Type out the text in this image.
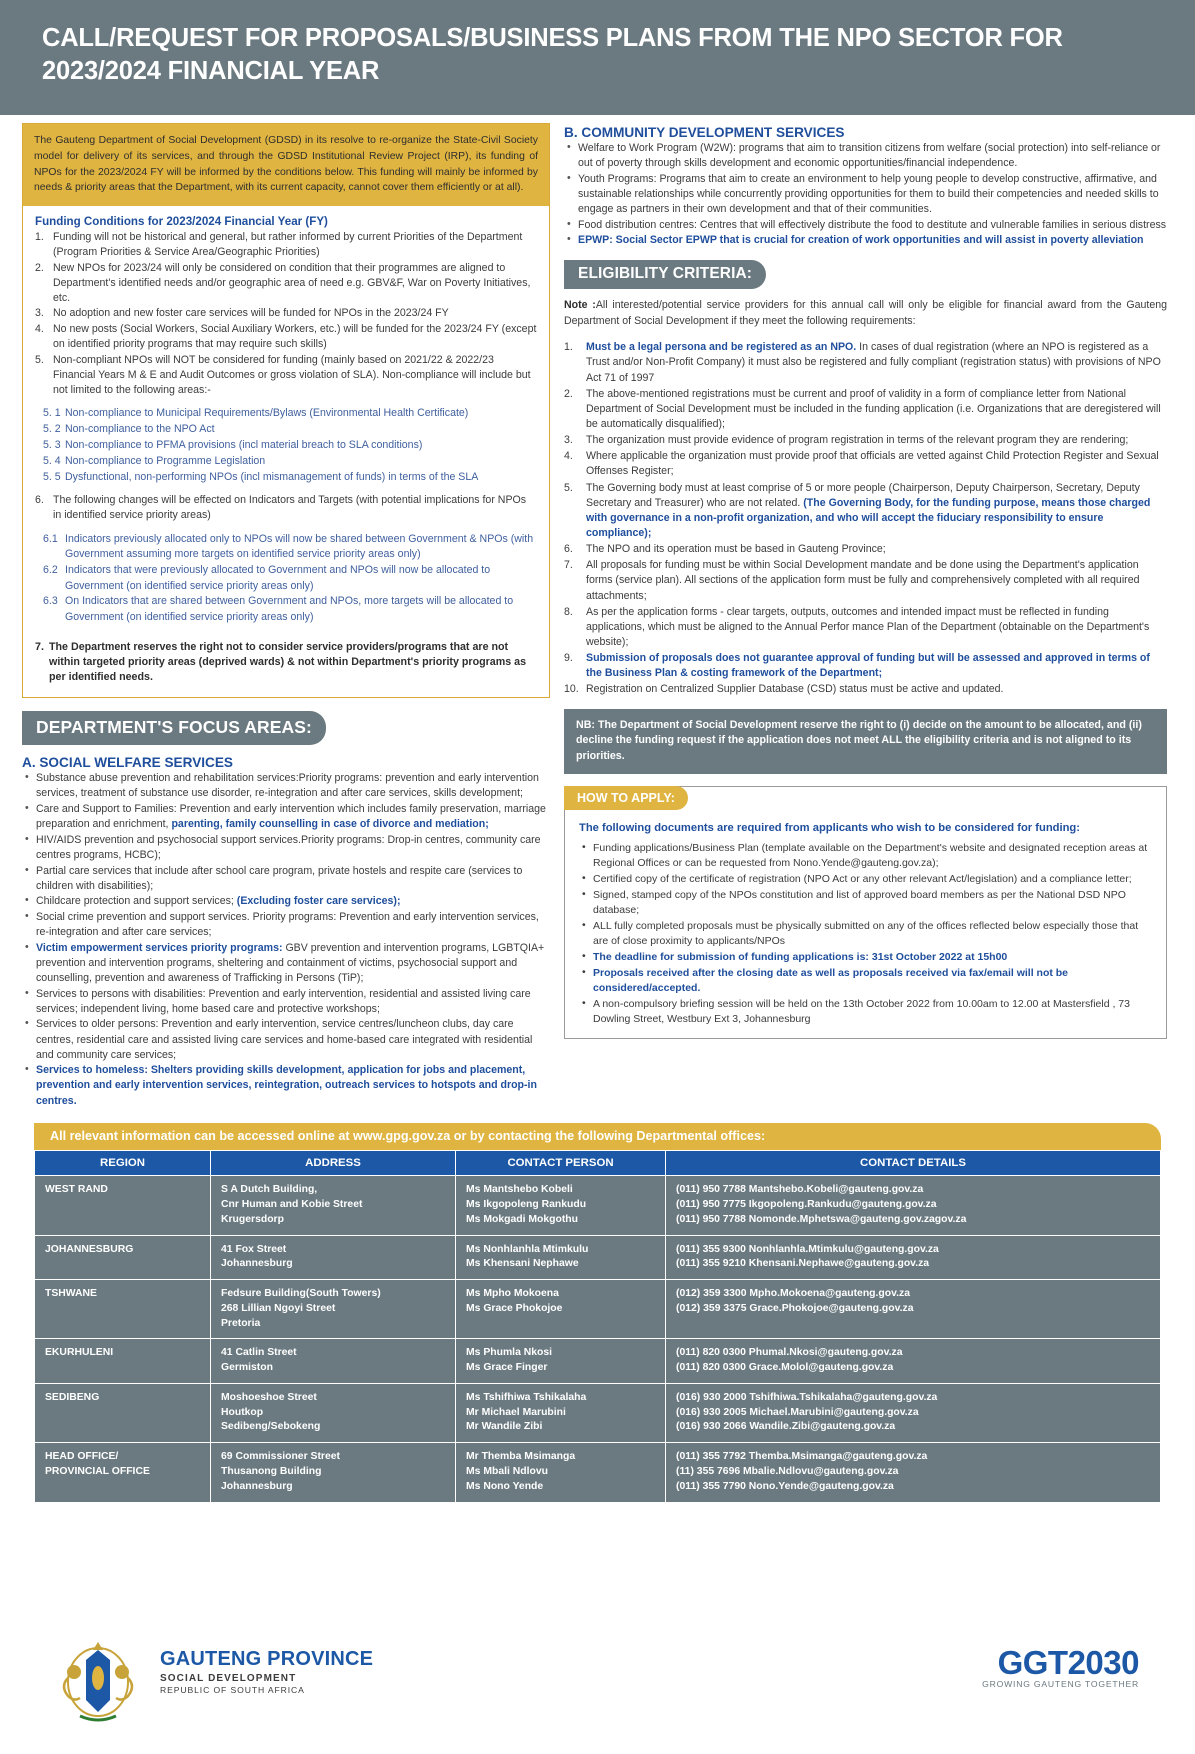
CALL/REQUEST FOR PROPOSALS/BUSINESS PLANS FROM THE NPO SECTOR FOR 2023/2024 FINANCIAL YEAR
The Gauteng Department of Social Development (GDSD) in its resolve to re-organize the State-Civil Society model for delivery of its services, and through the GDSD Institutional Review Project (IRP), its funding of NPOs for the 2023/2024 FY will be informed by the conditions below. This funding will mainly be informed by needs & priority areas that the Department, with its current capacity, cannot cover them efficiently or at all).
Funding Conditions for 2023/2024 Financial Year (FY)
1. Funding will not be historical and general, but rather informed by current Priorities of the Department (Program Priorities & Service Area/Geographic Priorities)
2. New NPOs for 2023/24 will only be considered on condition that their programmes are aligned to Department's identified needs and/or geographic area of need e.g. GBV&F, War on Poverty Initiatives, etc.
3. No adoption and new foster care services will be funded for NPOs in the 2023/24 FY
4. No new posts (Social Workers, Social Auxiliary Workers, etc.) will be funded for the 2023/24 FY (except on identified priority programs that may require such skills)
5. Non-compliant NPOs will NOT be considered for funding (mainly based on 2021/22 & 2022/23 Financial Years M & E and Audit Outcomes or gross violation of SLA). Non-compliance will include but not limited to the following areas:-
5. 1 Non-compliance to Municipal Requirements/Bylaws (Environmental Health Certificate)
5. 2 Non-compliance to the NPO Act
5. 3 Non-compliance to PFMA provisions (incl material breach to SLA conditions)
5. 4 Non-compliance to Programme Legislation
5. 5 Dysfunctional, non-performing NPOs (incl mismanagement of funds) in terms of the SLA
6. The following changes will be effected on Indicators and Targets (with potential implications for NPOs in identified service priority areas)
6.1 Indicators previously allocated only to NPOs will now be shared between Government & NPOs (with Government assuming more targets on identified service priority areas only)
6.2 Indicators that were previously allocated to Government and NPOs will now be allocated to Government (on identified service priority areas only)
6.3 On Indicators that are shared between Government and NPOs, more targets will be allocated to Government (on identified service priority areas only)
7. The Department reserves the right not to consider service providers/programs that are not within targeted priority areas (deprived wards) & not within Department's priority programs as per identified needs.
DEPARTMENT'S FOCUS AREAS:
A. SOCIAL WELFARE SERVICES
• Substance abuse prevention and rehabilitation services:Priority programs: prevention and early intervention services, treatment of substance use disorder, re-integration and after care services, skills development;
• Care and Support to Families: Prevention and early intervention which includes family preservation, marriage preparation and enrichment, parenting, family counselling in case of divorce and mediation;
• HIV/AIDS prevention and psychosocial support services.Priority programs: Drop-in centres, community care centres programs, HCBC);
• Partial care services that include after school care program, private hostels and respite care (services to children with disabilities);
• Childcare protection and support services; (Excluding foster care services);
• Social crime prevention and support services. Priority programs: Prevention and early intervention services, re-integration and after care services;
• Victim empowerment services priority programs: GBV prevention and intervention programs, LGBTQIA+ prevention and intervention programs, sheltering and containment of victims, psychosocial support and counselling, prevention and awareness of Trafficking in Persons (TiP);
• Services to persons with disabilities: Prevention and early intervention, residential and assisted living care services; independent living, home based care and protective workshops;
• Services to older persons: Prevention and early intervention, service centres/luncheon clubs, day care centres, residential care and assisted living care services and home-based care integrated with residential and community care services;
• Services to homeless: Shelters providing skills development, application for jobs and placement, prevention and early intervention services, reintegration, outreach services to hotspots and drop-in centres.
B. COMMUNITY DEVELOPMENT SERVICES
• Welfare to Work Program (W2W): programs that aim to transition citizens from welfare (social protection) into self-reliance or out of poverty through skills development and economic opportunities/financial independence.
• Youth Programs: Programs that aim to create an environment to help young people to develop constructive, affirmative, and sustainable relationships while concurrently providing opportunities for them to build their competencies and needed skills to engage as partners in their own development and that of their communities.
• Food distribution centres: Centres that will effectively distribute the food to destitute and vulnerable families in serious distress
• EPWP: Social Sector EPWP that is crucial for creation of work opportunities and will assist in poverty alleviation
ELIGIBILITY CRITERIA:
Note :All interested/potential service providers for this annual call will only be eligible for financial award from the Gauteng Department of Social Development if they meet the following requirements:
1.	Must be a legal persona and be registered as an NPO. In cases of dual registration (where an NPO is registered as a Trust and/or Non-Profit Company) it must also be registered and fully compliant (registration status) with provisions of NPO Act 71 of 1997
2.	The above-mentioned registrations must be current and proof of validity in a form of compliance letter from National Department of Social Development must be included in the funding application (i.e. Organizations that are deregistered will be automatically disqualified);
3.	The organization must provide evidence of program registration in terms of the relevant program they are rendering;
4.	Where applicable the organization must provide proof that officials are vetted against Child Protection Register and Sexual Offenses Register;
5.	The Governing body must at least comprise of 5 or more people (Chairperson, Deputy Chairperson, Secretary, Deputy Secretary and Treasurer) who are not related. (The Governing Body, for the funding purpose, means those charged with governance in a non-profit organization, and who will accept the fiduciary responsibility to ensure compliance);
6.	The NPO and its operation must be based in Gauteng Province;
7.	All proposals for funding must be within Social Development mandate and be done using the Department's application forms (service plan). All sections of the application form must be fully and comprehensively completed with all required attachments;
8.	As per the application forms - clear targets, outputs, outcomes and intended impact must be reflected in funding applications, which must be aligned to the Annual Perfor mance Plan of the Department (obtainable on the Department's website);
9.	Submission of proposals does not guarantee approval of funding but will be assessed and approved in terms of the Business Plan & costing framework of the Department;
10. Registration on Centralized Supplier Database (CSD) status must be active and updated.
NB: The Department of Social Development reserve the right to (i) decide on the amount to be allocated, and (ii) decline the funding request if the application does not meet ALL the eligibility criteria and is not aligned to its priorities.
HOW TO APPLY:
The following documents are required from applicants who wish to be considered for funding:
• Funding applications/Business Plan (template available on the Department's website and designated reception areas at Regional Offices or can be requested from Nono.Yende@gauteng.gov.za);
• Certified copy of the certificate of registration (NPO Act or any other relevant Act/legislation) and a compliance letter;
• Signed, stamped copy of the NPOs constitution and list of approved board members as per the National DSD NPO database;
• ALL fully completed proposals must be physically submitted on any of the offices reflected below especially those that are of close proximity to applicants/NPOs
• The deadline for submission of funding applications is: 31st October 2022 at 15h00
• Proposals received after the closing date as well as proposals received via fax/email will not be considered/accepted.
• A non-compulsory briefing session will be held on the 13th October 2022 from 10.00am to 12.00 at Mastersfield , 73 Dowling Street, Westbury Ext 3, Johannesburg
All relevant information can be accessed online at www.gpg.gov.za or by contacting the following Departmental offices:
REGION	ADDRESS	CONTACT PERSON	CONTACT DETAILS
WEST RAND	S A Dutch Building,
Cnr Human and Kobie Street
Krugersdorp	Ms Mantshebo Kobeli
Ms Ikgopoleng Rankudu
Ms Mokgadi Mokgothu	(011) 950 7788 Mantshebo.Kobeli@gauteng.gov.za
(011) 950 7775 Ikgopoleng.Rankudu@gauteng.gov.za
(011) 950 7788 Nomonde.Mphetswa@gauteng.gov.zagov.za
JOHANNESBURG	41 Fox Street
Johannesburg	Ms Nonhlanhla Mtimkulu
Ms Khensani Nephawe	(011) 355 9300 Nonhlanhla.Mtimkulu@gauteng.gov.za
(011) 355 9210 Khensani.Nephawe@gauteng.gov.za
TSHWANE	Fedsure Building(South Towers)
268 Lillian Ngoyi Street
Pretoria	Ms Mpho Mokoena
Ms Grace Phokojoe	(012) 359 3300 Mpho.Mokoena@gauteng.gov.za
(012) 359 3375 Grace.Phokojoe@gauteng.gov.za
EKURHULENI	41 Catlin Street
Germiston	Ms Phumla Nkosi
Ms Grace Finger	(011) 820 0300 Phumal.Nkosi@gauteng.gov.za
(011) 820 0300 Grace.Molol@gauteng.gov.za
SEDIBENG	Moshoeshoe Street
Houtkop
Sedibeng/Sebokeng	Ms Tshifhiwa Tshikalaha
Mr Michael Marubini
Mr Wandile Zibi	(016) 930 2000 Tshifhiwa.Tshikalaha@gauteng.gov.za
(016) 930 2005 Michael.Marubini@gauteng.gov.za
(016) 930 2066 Wandile.Zibi@gauteng.gov.za
HEAD OFFICE/
PROVINCIAL OFFICE	69 Commissioner Street
Thusanong Building
Johannesburg	Mr Themba Msimanga
Ms Mbali Ndlovu
Ms Nono Yende	(011) 355 7792 Themba.Msimanga@gauteng.gov.za
(11) 355 7696 Mbalie.Ndlovu@gauteng.gov.za
(011) 355 7790 Nono.Yende@gauteng.gov.za
GAUTENG PROVINCE
SOCIAL DEVELOPMENT
REPUBLIC OF SOUTH AFRICA
GGT2030
GROWING GAUTENG TOGETHER
